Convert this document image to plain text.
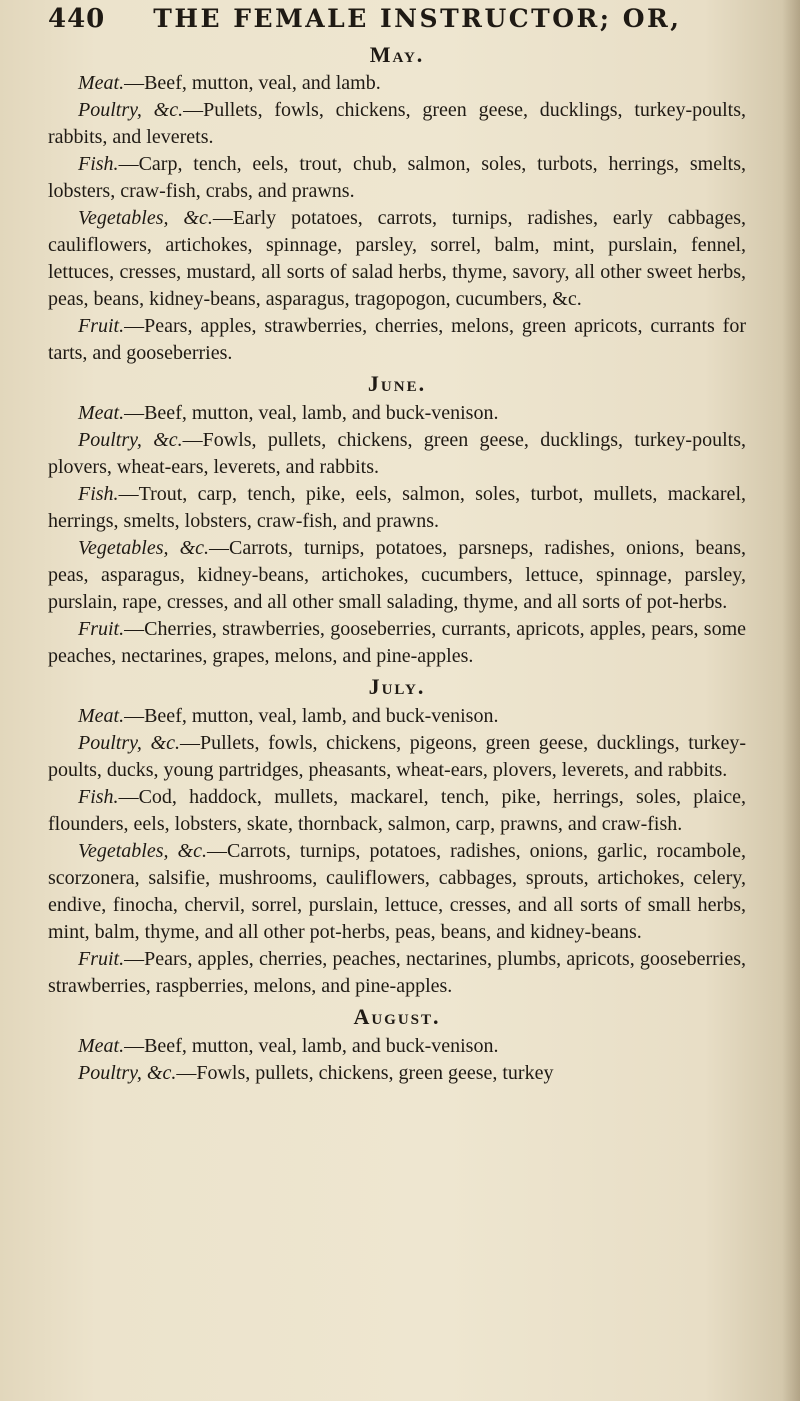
440 THE FEMALE INSTRUCTOR; OR,
May.

Meat.—Beef, mutton, veal, and lamb.

Poultry, &c.—Pullets, fowls, chickens, green geese, ducklings, turkey-poults, rabbits, and leverets.

Fish.—Carp, tench, eels, trout, chub, salmon, soles, turbots, herrings, smelts, lobsters, craw-fish, crabs, and prawns.

Vegetables, &c.—Early potatoes, carrots, turnips, radishes, early cabbages, cauliflowers, artichokes, spinnage, parsley, sorrel, balm, mint, purslain, fennel, lettuces, cresses, mustard, all sorts of salad herbs, thyme, savory, all other sweet herbs, peas, beans, kidney-beans, asparagus, tragopogon, cucumbers, &c.

Fruit.—Pears, apples, strawberries, cherries, melons, green apricots, currants for tarts, and gooseberries.

June.

Meat.—Beef, mutton, veal, lamb, and buck-venison.

Poultry, &c.—Fowls, pullets, chickens, green geese, ducklings, turkey-poults, plovers, wheat-ears, leverets, and rabbits.

Fish.—Trout, carp, tench, pike, eels, salmon, soles, turbot, mullets, mackarel, herrings, smelts, lobsters, craw-fish, and prawns.

Vegetables, &c.—Carrots, turnips, potatoes, parsneps, radishes, onions, beans, peas, asparagus, kidney-beans, artichokes, cucumbers, lettuce, spinnage, parsley, purslain, rape, cresses, and all other small salading, thyme, and all sorts of pot-herbs.

Fruit.—Cherries, strawberries, gooseberries, currants, apricots, apples, pears, some peaches, nectarines, grapes, melons, and pine-apples.

July.

Meat.—Beef, mutton, veal, lamb, and buck-venison.

Poultry, &c.—Pullets, fowls, chickens, pigeons, green geese, ducklings, turkey-poults, ducks, young partridges, pheasants, wheat-ears, plovers, leverets, and rabbits.

Fish.—Cod, haddock, mullets, mackarel, tench, pike, herrings, soles, plaice, flounders, eels, lobsters, skate, thornback, salmon, carp, prawns, and craw-fish.

Vegetables, &c.—Carrots, turnips, potatoes, radishes, onions, garlic, rocambole, scorzonera, salsifie, mushrooms, cauliflowers, cabbages, sprouts, artichokes, celery, endive, finocha, chervil, sorrel, purslain, lettuce, cresses, and all sorts of small herbs, mint, balm, thyme, and all other pot-herbs, peas, beans, and kidney-beans.

Fruit.—Pears, apples, cherries, peaches, nectarines, plumbs, apricots, gooseberries, strawberries, raspberries, melons, and pine-apples.

August.

Meat.—Beef, mutton, veal, lamb, and buck-venison.

Poultry, &c.—Fowls, pullets, chickens, green geese, turkey
